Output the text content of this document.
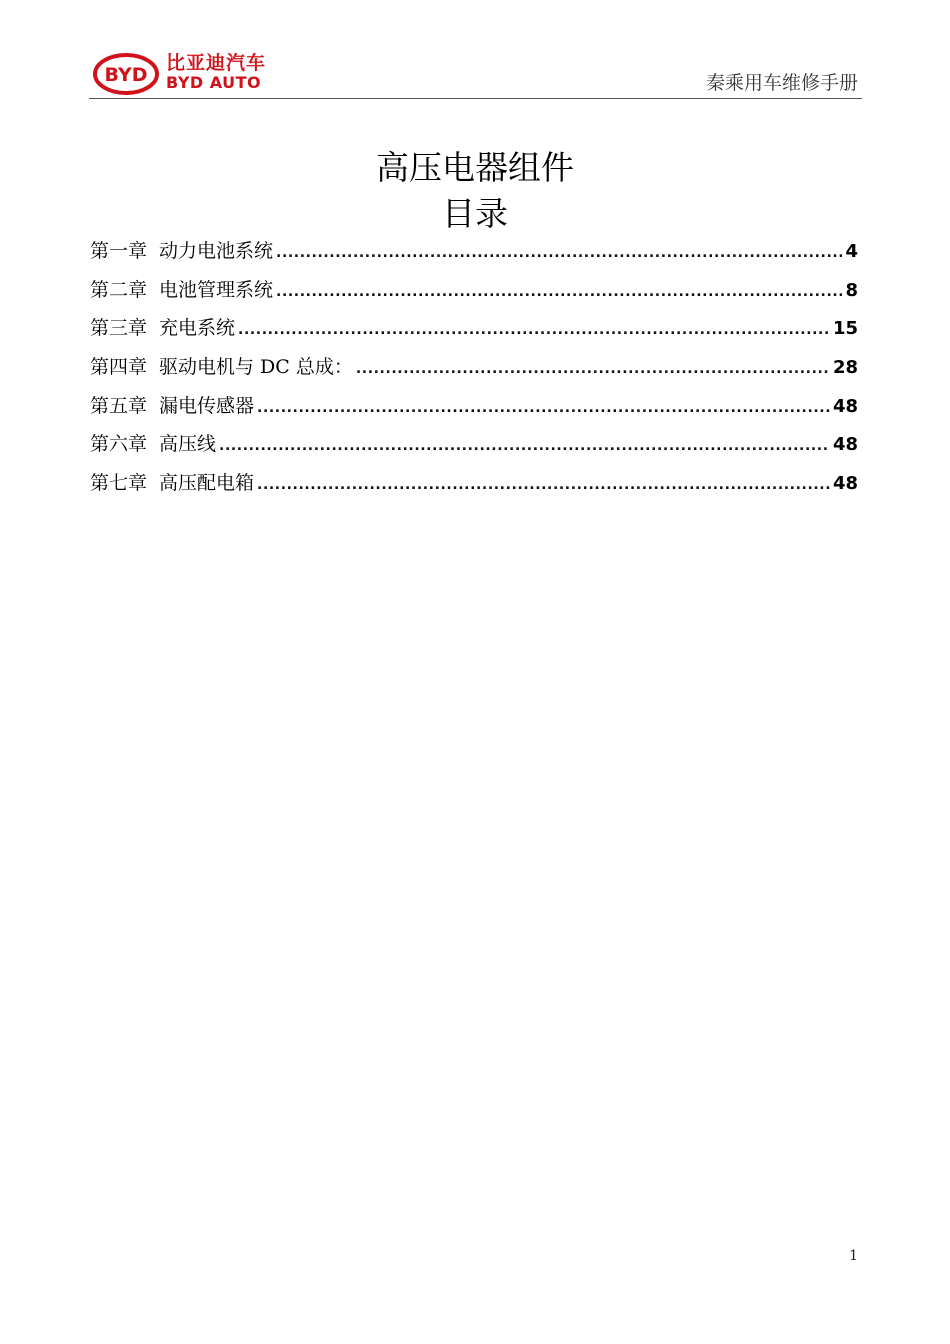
BYD
比亚迪汽车
BYD AUTO	秦乘用车维修手册
高压电器组件
目录
第一章 动力电池系统 .....	4
第二章 电池管理系统 .....	8
第三章 充电系统 .....	15
第四章 驱动电机与 DC 总成： .....	28
第五章 漏电传感器 .....	48
第六章 高压线 .....	48
第七章 高压配电箱 .....	48
1
